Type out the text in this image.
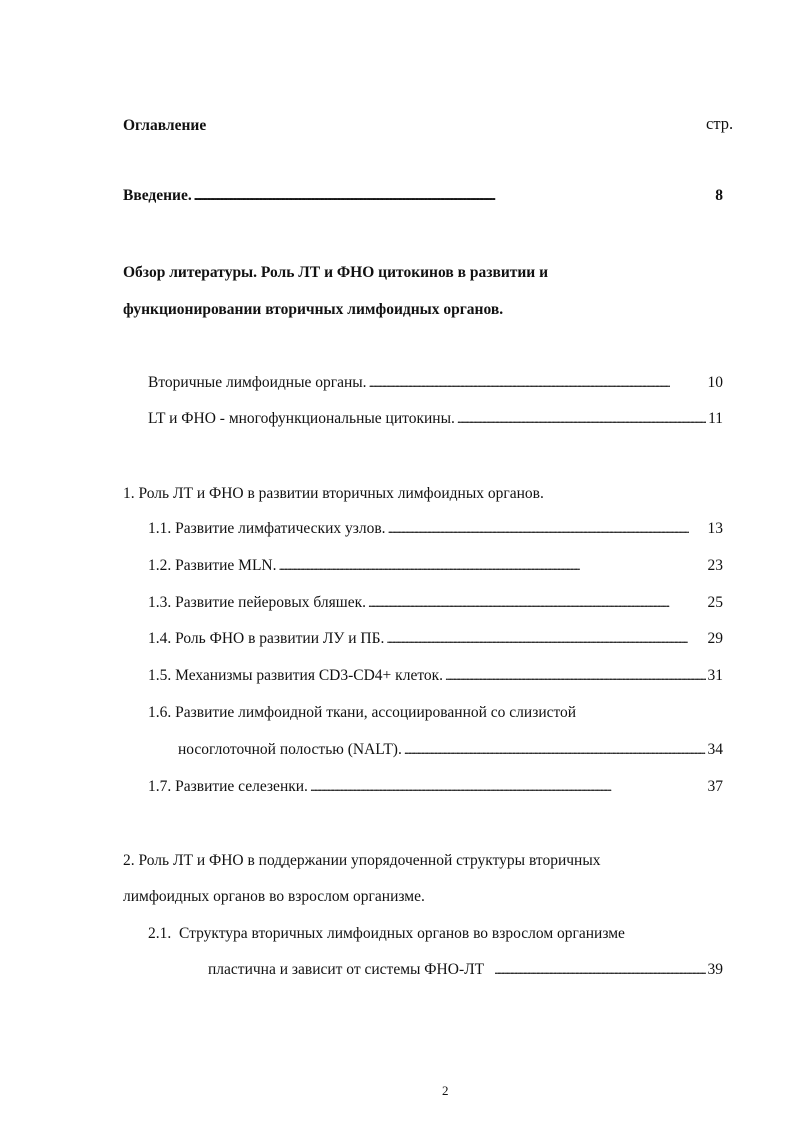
Оглавление	стр.
Введение. . . .	8
Обзор литературы. Роль ЛТ и ФНО цитокинов в развитии и
функционировании вторичных лимфоидных органов.
Вторичные лимфоидные органы. . . .	10
LT и ФНО - многофункциональные цитокины. . . .	11
1. Роль ЛТ и ФНО в развитии вторичных лимфоидных органов.
1.1. Развитие лимфатических узлов. . . .	13
1.2. Развитие MLN. . . .	23
1.3. Развитие пейеровых бляшек. . . .	25
1.4. Роль ФНО в развитии ЛУ и ПБ. . . .	29
1.5. Механизмы развития CD3-CD4+ клеток. . . .	31
1.6. Развитие лимфоидной ткани, ассоциированной со слизистой
носоглоточной полостью (NALT). . . .	34
1.7. Развитие селезенки. . . .	37
2. Роль ЛТ и ФНО в поддержании упорядоченной структуры вторичных
лимфоидных органов во взрослом организме.
2.1.  Структура вторичных лимфоидных органов во взрослом организме
пластична и зависит от системы ФНО-ЛТ . . .	39
2
